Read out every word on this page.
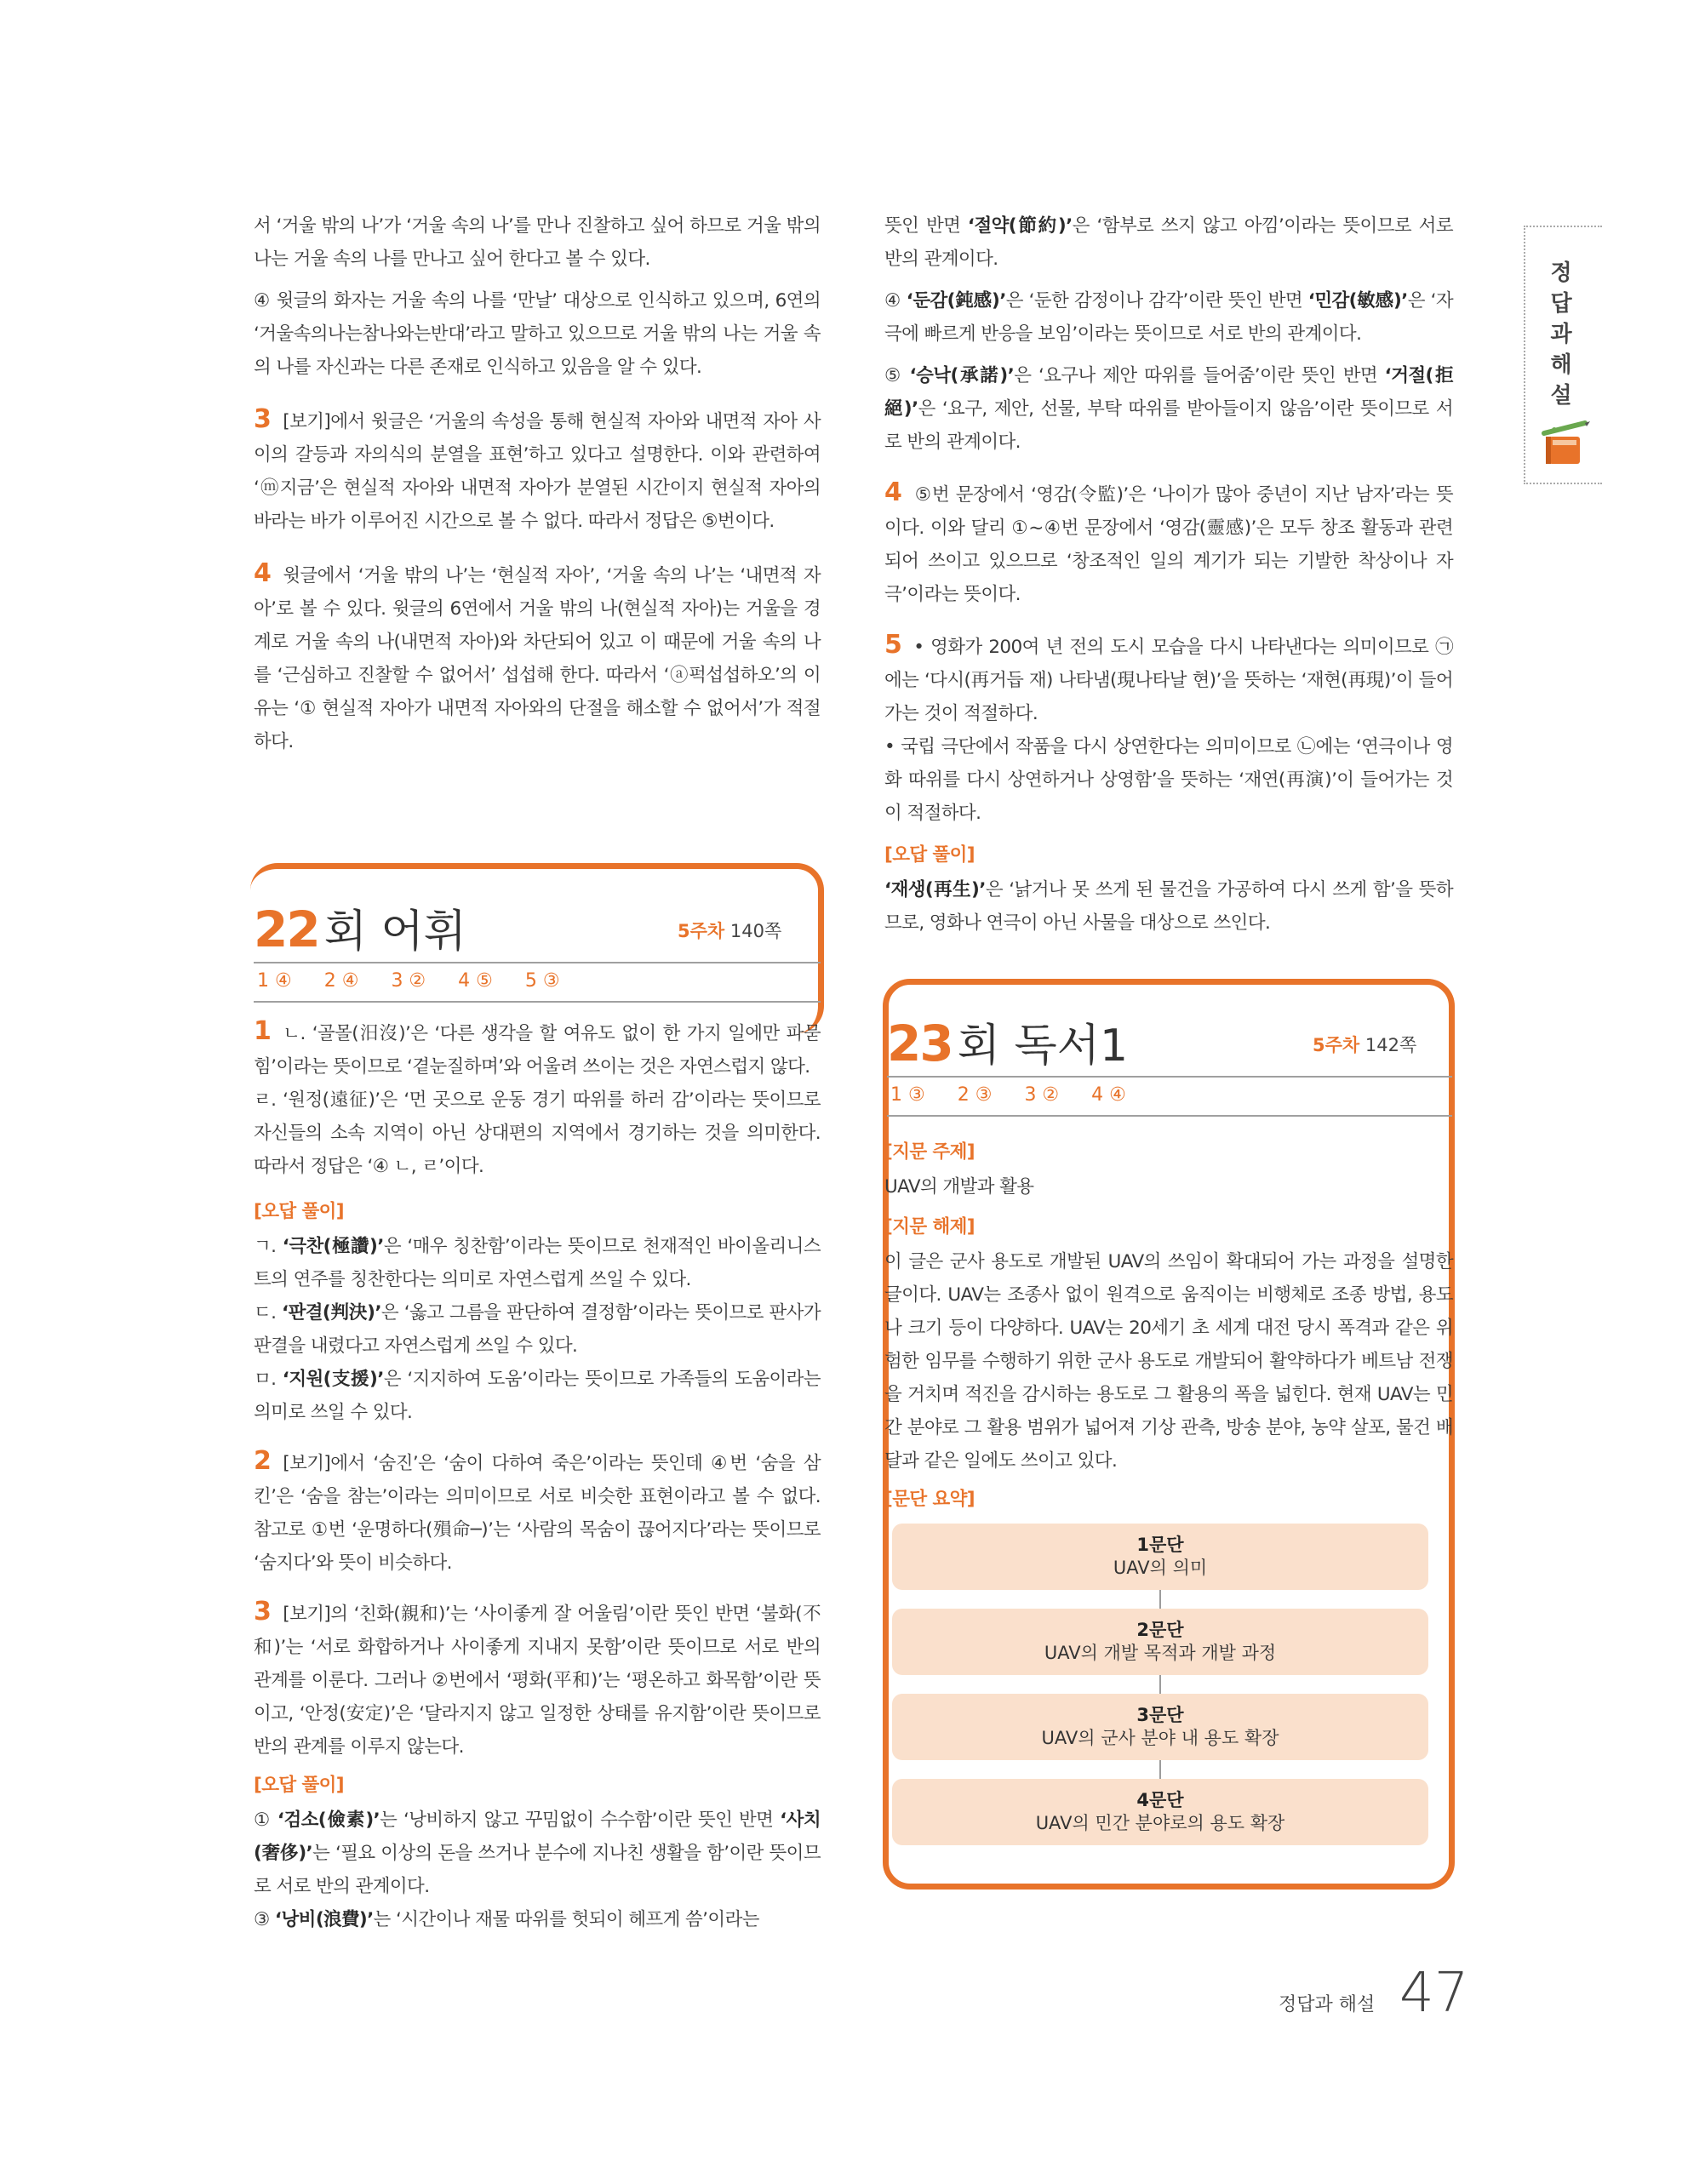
서 ‘거울 밖의 나’가 ‘거울 속의 나’를 만나 진찰하고 싶어 하므로 거울 밖의 나는 거울 속의 나를 만나고 싶어 한다고 볼 수 있다.

④ 윗글의 화자는 거울 속의 나를 ‘만날’ 대상으로 인식하고 있으며, 6연의 ‘거울속의나는참나와는반대’라고 말하고 있으므로 거울 밖의 나는 거울 속의 나를 자신과는 다른 존재로 인식하고 있음을 알 수 있다.

3 [보기]에서 윗글은 ‘거울의 속성을 통해 현실적 자아와 내면적 자아 사이의 갈등과 자의식의 분열을 표현’하고 있다고 설명한다. 이와 관련하여 ‘ⓜ지금’은 현실적 자아와 내면적 자아가 분열된 시간이지 현실적 자아의 바라는 바가 이루어진 시간으로 볼 수 없다. 따라서 정답은 ⑤번이다.

4 윗글에서 ‘거울 밖의 나’는 ‘현실적 자아’, ‘거울 속의 나’는 ‘내면적 자아’로 볼 수 있다. 윗글의 6연에서 거울 밖의 나(현실적 자아)는 거울을 경계로 거울 속의 나(내면적 자아)와 차단되어 있고 이 때문에 거울 속의 나를 ‘근심하고 진찰할 수 없어서’ 섭섭해 한다. 따라서 ‘ⓐ퍽섭섭하오’의 이유는 ‘① 현실적 자아가 내면적 자아와의 단절을 해소할 수 없어서’가 적절하다.

22 회 어휘	5주차 140쪽
1 ④ 2 ④ 3 ② 4 ⑤ 5 ③

1 ㄴ. ‘골몰(汨沒)’은 ‘다른 생각을 할 여유도 없이 한 가지 일에만 파묻힘’이라는 뜻이므로 ‘곁눈질하며’와 어울려 쓰이는 것은 자연스럽지 않다.

ㄹ. ‘원정(遠征)’은 ‘먼 곳으로 운동 경기 따위를 하러 감’이라는 뜻이므로 자신들의 소속 지역이 아닌 상대편의 지역에서 경기하는 것을 의미한다. 따라서 정답은 ‘④ ㄴ, ㄹ’이다.

[오답 풀이]

ㄱ. ‘극찬(極讚)’은 ‘매우 칭찬함’이라는 뜻이므로 천재적인 바이올리니스트의 연주를 칭찬한다는 의미로 자연스럽게 쓰일 수 있다.

ㄷ. ‘판결(判決)’은 ‘옳고 그름을 판단하여 결정함’이라는 뜻이므로 판사가 판결을 내렸다고 자연스럽게 쓰일 수 있다.

ㅁ. ‘지원(支援)’은 ‘지지하여 도움’이라는 뜻이므로 가족들의 도움이라는 의미로 쓰일 수 있다.

2 [보기]에서 ‘숨진’은 ‘숨이 다하여 죽은’이라는 뜻인데 ④번 ‘숨을 삼킨’은 ‘숨을 참는’이라는 의미이므로 서로 비슷한 표현이라고 볼 수 없다. 참고로 ①번 ‘운명하다(殞命─)’는 ‘사람의 목숨이 끊어지다’라는 뜻이므로 ‘숨지다’와 뜻이 비슷하다.

3 [보기]의 ‘친화(親和)’는 ‘사이좋게 잘 어울림’이란 뜻인 반면 ‘불화(不和)’는 ‘서로 화합하거나 사이좋게 지내지 못함’이란 뜻이므로 서로 반의 관계를 이룬다. 그러나 ②번에서 ‘평화(平和)’는 ‘평온하고 화목함’이란 뜻이고, ‘안정(安定)’은 ‘달라지지 않고 일정한 상태를 유지함’이란 뜻이므로 반의 관계를 이루지 않는다.

[오답 풀이]

① ‘검소(儉素)’는 ‘낭비하지 않고 꾸밈없이 수수함’이란 뜻인 반면 ‘사치(奢侈)’는 ‘필요 이상의 돈을 쓰거나 분수에 지나친 생활을 함’이란 뜻이므로 서로 반의 관계이다.

③ ‘낭비(浪費)’는 ‘시간이나 재물 따위를 헛되이 헤프게 씀’이라는

뜻인 반면 ‘절약(節約)’은 ‘함부로 쓰지 않고 아낌’이라는 뜻이므로 서로 반의 관계이다.

④ ‘둔감(鈍感)’은 ‘둔한 감정이나 감각’이란 뜻인 반면 ‘민감(敏感)’은 ‘자극에 빠르게 반응을 보임’이라는 뜻이므로 서로 반의 관계이다.

⑤ ‘승낙(承諾)’은 ‘요구나 제안 따위를 들어줌’이란 뜻인 반면 ‘거절(拒絕)’은 ‘요구, 제안, 선물, 부탁 따위를 받아들이지 않음’이란 뜻이므로 서로 반의 관계이다.

4 ⑤번 문장에서 ‘영감(令監)’은 ‘나이가 많아 중년이 지난 남자’라는 뜻이다. 이와 달리 ①~④번 문장에서 ‘영감(靈感)’은 모두 창조 활동과 관련되어 쓰이고 있으므로 ‘창조적인 일의 계기가 되는 기발한 착상이나 자극’이라는 뜻이다.

5 • 영화가 200여 년 전의 도시 모습을 다시 나타낸다는 의미이므로 ㉠에는 ‘다시(再거듭 재) 나타냄(現나타날 현)’을 뜻하는 ‘재현(再現)’이 들어가는 것이 적절하다.

• 국립 극단에서 작품을 다시 상연한다는 의미이므로 ㉡에는 ‘연극이나 영화 따위를 다시 상연하거나 상영함’을 뜻하는 ‘재연(再演)’이 들어가는 것이 적절하다.

[오답 풀이]

‘재생(再生)’은 ‘낡거나 못 쓰게 된 물건을 가공하여 다시 쓰게 함’을 뜻하므로, 영화나 연극이 아닌 사물을 대상으로 쓰인다.

23 회 독서1	5주차 142쪽
1 ③ 2 ③ 3 ② 4 ④
[지문 주제]

UAV의 개발과 활용

[지문 해제]

이 글은 군사 용도로 개발된 UAV의 쓰임이 확대되어 가는 과정을 설명한 글이다. UAV는 조종사 없이 원격으로 움직이는 비행체로 조종 방법, 용도나 크기 등이 다양하다. UAV는 20세기 초 세계 대전 당시 폭격과 같은 위험한 임무를 수행하기 위한 군사 용도로 개발되어 활약하다가 베트남 전쟁을 거치며 적진을 감시하는 용도로 그 활용의 폭을 넓힌다. 현재 UAV는 민간 분야로 그 활용 범위가 넓어져 기상 관측, 방송 분야, 농약 살포, 물건 배달과 같은 일에도 쓰이고 있다.

[문단 요약]
1문단
UAV의 의미
2문단
UAV의 개발 목적과 개발 과정
3문단
UAV의 군사 분야 내 용도 확장
4문단
UAV의 민간 분야로의 용도 확장
정
답
과
해
설
정답과 해설 47
